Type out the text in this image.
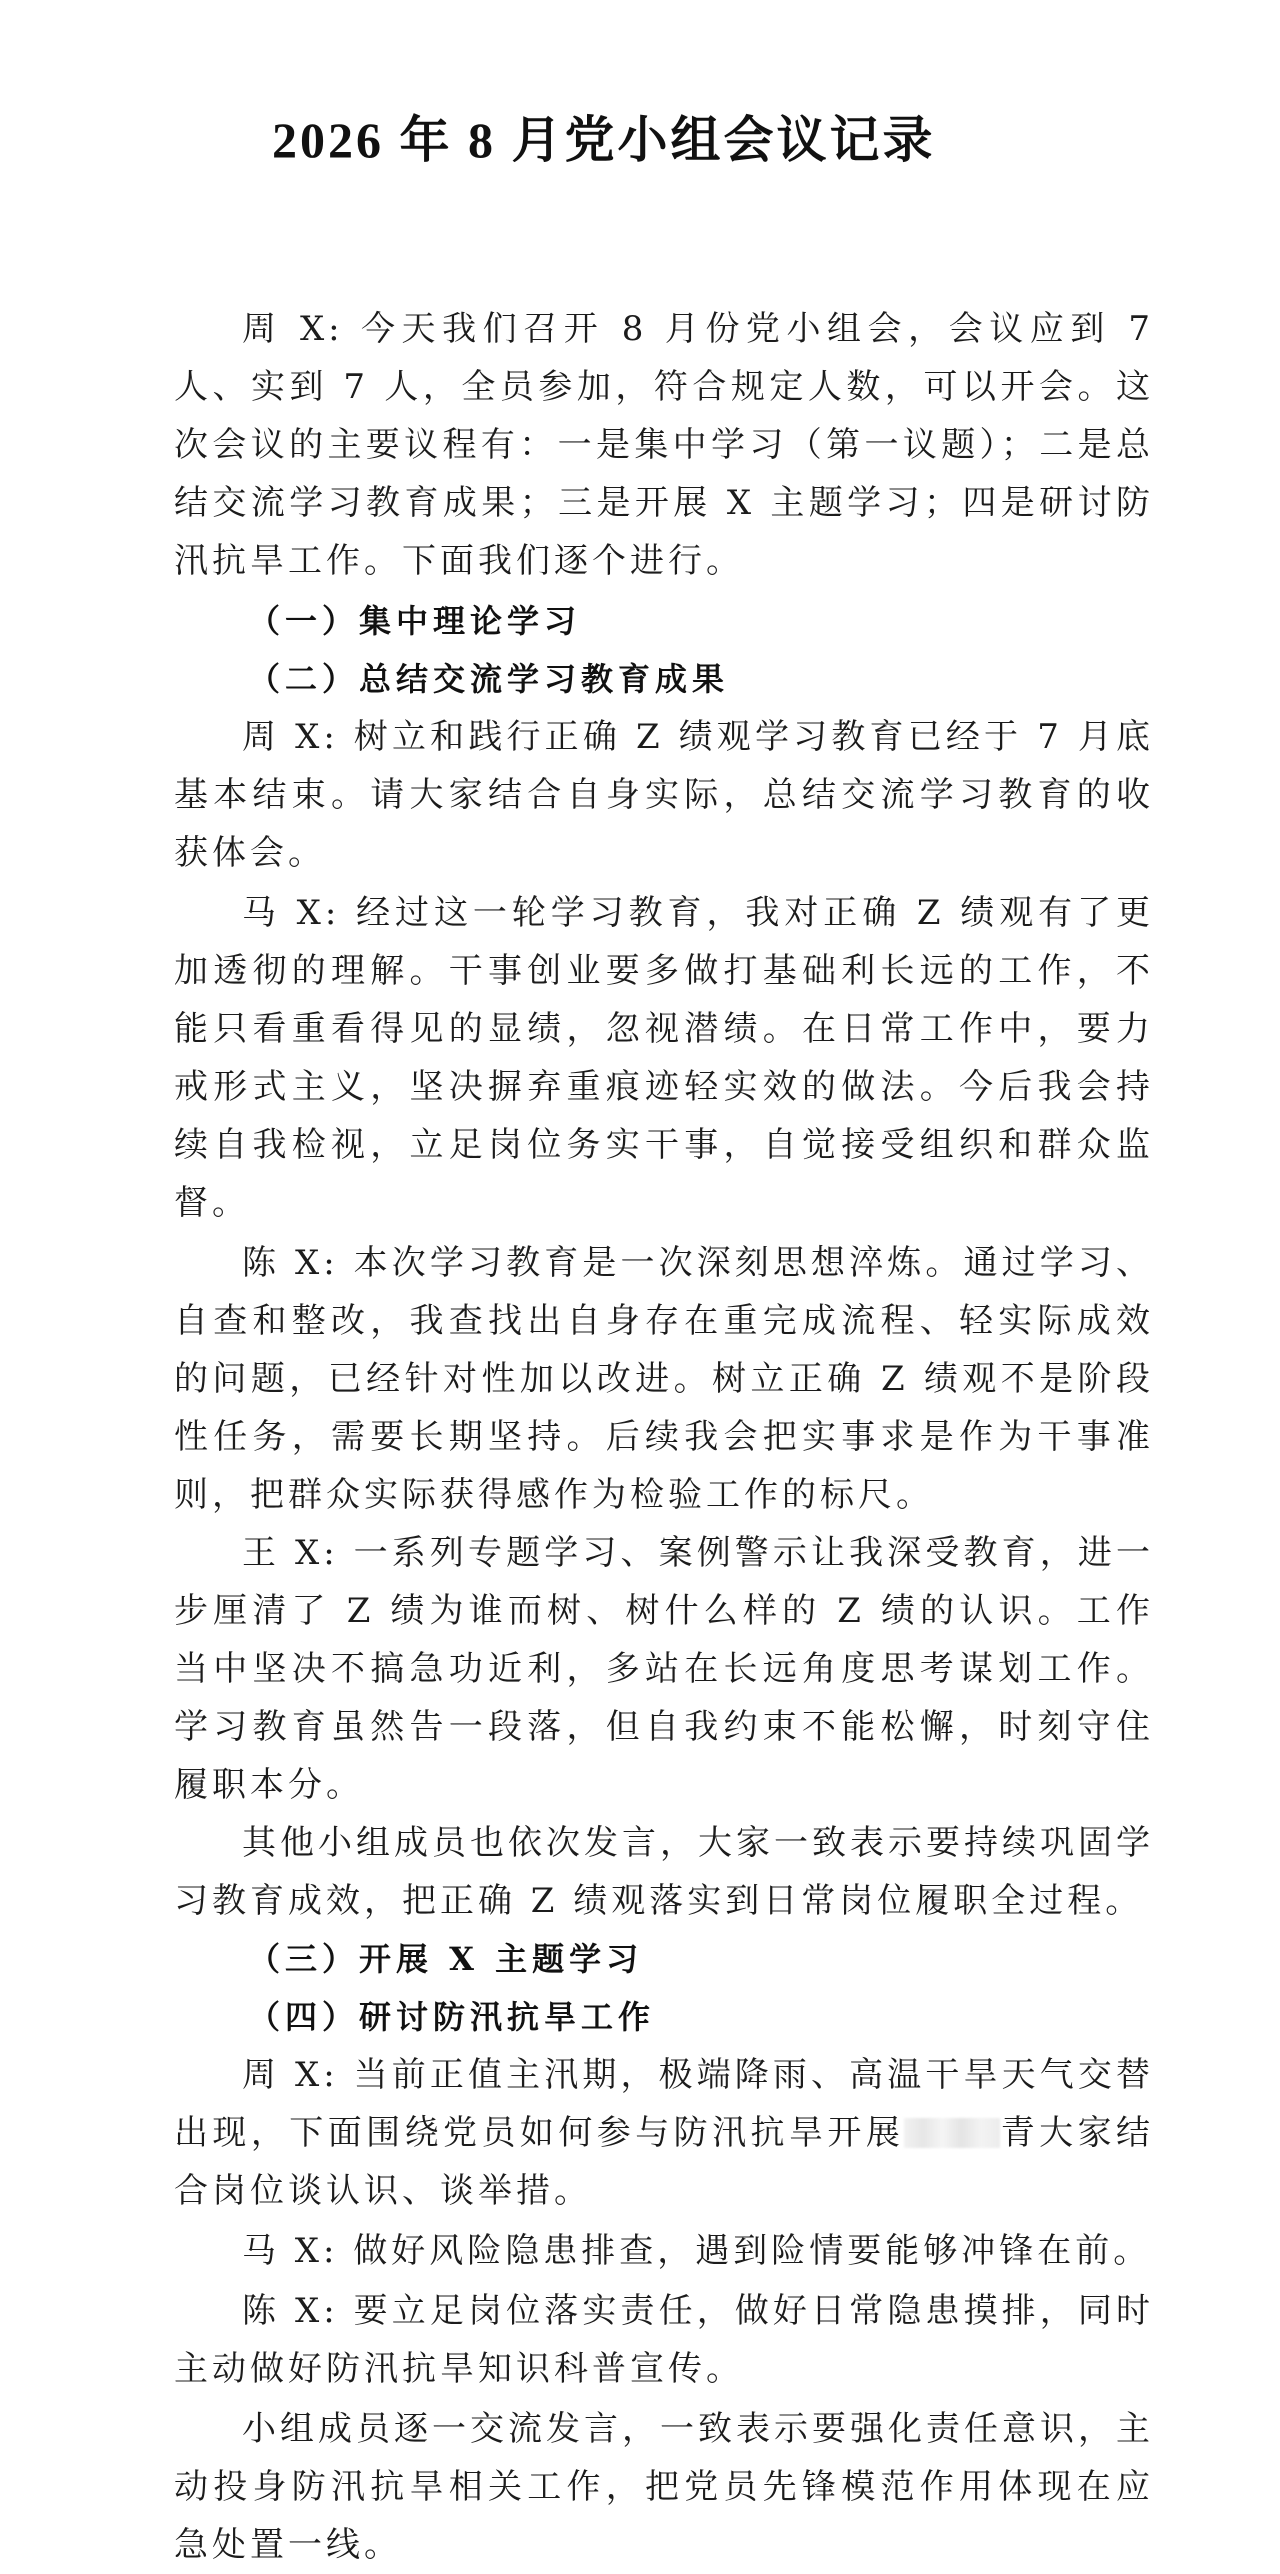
2026 年 8 月党小组会议记录

周 X: 今天我们召开 8 月份党小组会，会议应到 7 人、实到 7 人，全员参加，符合规定人数，可以开会。这次会议的主要议程有：一是集中学习（第一议题）；二是总结交流学习教育成果；三是开展 X 主题学习；四是研讨防汛抗旱工作。下面我们逐个进行。

（一）集中理论学习

（二）总结交流学习教育成果

周 X: 树立和践行正确 Z 绩观学习教育已经于 7 月底基本结束。请大家结合自身实际，总结交流学习教育的收获体会。

马 X: 经过这一轮学习教育，我对正确 Z 绩观有了更加透彻的理解。干事创业要多做打基础利长远的工作，不能只看重看得见的显绩，忽视潜绩。在日常工作中，要力戒形式主义，坚决摒弃重痕迹轻实效的做法。今后我会持续自我检视，立足岗位务实干事，自觉接受组织和群众监督。

陈 X: 本次学习教育是一次深刻思想淬炼。通过学习、自查和整改，我查找出自身存在重完成流程、轻实际成效的问题，已经针对性加以改进。树立正确 Z 绩观不是阶段性任务，需要长期坚持。后续我会把实事求是作为干事准则，把群众实际获得感作为检验工作的标尺。

王 X: 一系列专题学习、案例警示让我深受教育，进一步厘清了 Z 绩为谁而树、树什么样的 Z 绩的认识。工作当中坚决不搞急功近利，多站在长远角度思考谋划工作。学习教育虽然告一段落，但自我约束不能松懈，时刻守住履职本分。

其他小组成员也依次发言，大家一致表示要持续巩固学习教育成效，把正确 Z 绩观落实到日常岗位履职全过程。

（三）开展 X 主题学习

（四）研讨防汛抗旱工作

周 X: 当前正值主汛期，极端降雨、高温干旱天气交替出现，下面围绕党员如何参与防汛抗旱开展	青大家结合岗位谈认识、谈举措。

马 X: 做好风险隐患排查，遇到险情要能够冲锋在前。

陈 X: 要立足岗位落实责任，做好日常隐患摸排，同时主动做好防汛抗旱知识科普宣传。

小组成员逐一交流发言，一致表示要强化责任意识，主动投身防汛抗旱相关工作，把党员先锋模范作用体现在应急处置一线。
